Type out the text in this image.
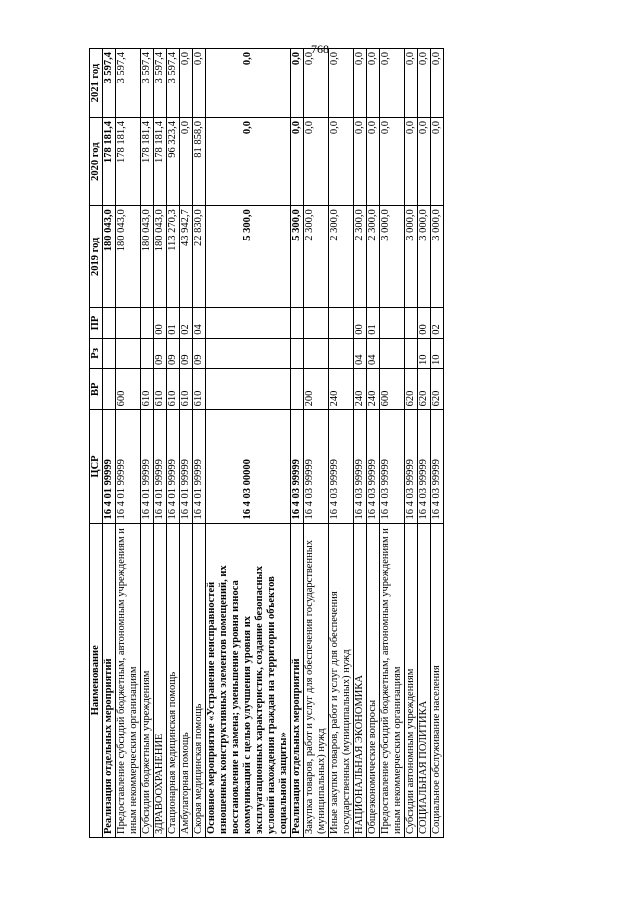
768
Наименование	ЦСР	ВР	Рз	ПР	2019 год	2020 год	2021 год
Реализация отдельных мероприятий	16 4 01 99999				180 043,0	178 181,4	3 597,4
Предоставление субсидий бюджетным, автономным учреждениям и иным некоммерческим организациям	16 4 01 99999	600			180 043,0	178 181,4	3 597,4
Субсидии бюджетным учреждениям	16 4 01 99999	610			180 043,0	178 181,4	3 597,4
ЗДРАВООХРАНЕНИЕ	16 4 01 99999	610	09	00	180 043,0	178 181,4	3 597,4
Стационарная медицинская помощь	16 4 01 99999	610	09	01	113 270,3	96 323,4	3 597,4
Амбулаторная помощь	16 4 01 99999	610	09	02	43 942,7	0,0	0,0
Скорая медицинская помощь	16 4 01 99999	610	09	04	22 830,0	81 858,0	0,0
Основное мероприятие «Устранение неисправностей изношенных конструктивных элементов помещений, их восстановление и замена; уменьшение уровня износа коммуникаций с целью улучшения уровня их эксплуатационных характеристик, создание безопасных условий нахождения граждан на территории объектов социальной защиты»	16 4 03 00000				5 300,0	0,0	0,0
Реализация отдельных мероприятий	16 4 03 99999				5 300,0	0,0	0,0
Закупка товаров, работ и услуг для обеспечения государственных (муниципальных) нужд	16 4 03 99999	200			2 300,0	0,0	0,0
Иные закупки товаров, работ и услуг для обеспечения государственных (муниципальных) нужд	16 4 03 99999	240			2 300,0	0,0	0,0
НАЦИОНАЛЬНАЯ ЭКОНОМИКА	16 4 03 99999	240	04	00	2 300,0	0,0	0,0
Общеэкономические вопросы	16 4 03 99999	240	04	01	2 300,0	0,0	0,0
Предоставление субсидий бюджетным, автономным учреждениям и иным некоммерческим организациям	16 4 03 99999	600			3 000,0	0,0	0,0
Субсидии автономным учреждениям	16 4 03 99999	620			3 000,0	0,0	0,0
СОЦИАЛЬНАЯ ПОЛИТИКА	16 4 03 99999	620	10	00	3 000,0	0,0	0,0
Социальное обслуживание населения	16 4 03 99999	620	10	02	3 000,0	0,0	0,0
